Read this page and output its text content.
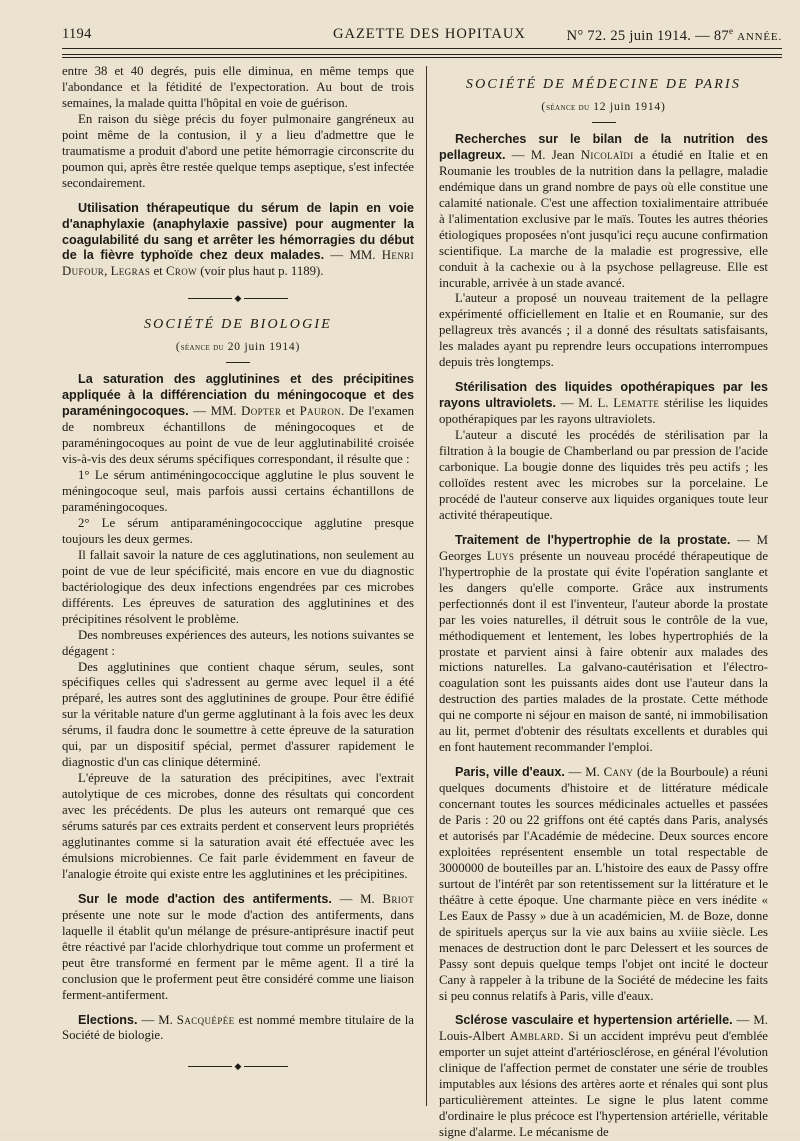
1194	GAZETTE DES HOPITAUX	N° 72. 25 juin 1914. — 87e ANNÉE.

entre 38 et 40 degrés, puis elle diminua, en même temps que l'abondance et la fétidité de l'expectoration. Au bout de trois semaines, la malade quitta l'hôpital en voie de guérison.

En raison du siège précis du foyer pulmonaire gangréneux au point même de la contusion, il y a lieu d'admettre que le traumatisme a produit d'abord une petite hémorragie circonscrite du poumon qui, après être restée quelque temps aseptique, s'est infectée secondairement.

Utilisation thérapeutique du sérum de lapin en voie d'anaphylaxie (anaphylaxie passive) pour augmenter la coagulabilité du sang et arrêter les hémorragies du début de la fièvre typhoïde chez deux malades. — MM. Henri Dufour, Legras et Crow (voir plus haut p. 1189).

◆

SOCIÉTÉ DE BIOLOGIE

(séance du 20 juin 1914)

La saturation des agglutinines et des précipitines appliquée à la différenciation du méningocoque et des paraméningocoques. — MM. Dopter et Pauron. De l'examen de nombreux échantillons de méningocoques et de paraméningocoques au point de vue de leur agglutinabilité croisée vis-à-vis des deux sérums spécifiques correspondant, il résulte que :

1° Le sérum antiméningococcique agglutine le plus souvent le méningocoque seul, mais parfois aussi certains échantillons de paraméningocoques.

2° Le sérum antiparaméningococcique agglutine presque toujours les deux germes.

Il fallait savoir la nature de ces agglutinations, non seulement au point de vue de leur spécificité, mais encore en vue du diagnostic bactériologique des deux infections engendrées par ces microbes différents. Les épreuves de saturation des agglutinines et des précipitines résolvent le problème.

Des nombreuses expériences des auteurs, les notions suivantes se dégagent :

Des agglutinines que contient chaque sérum, seules, sont spécifiques celles qui s'adressent au germe avec lequel il a été préparé, les autres sont des agglutinines de groupe. Pour être édifié sur la véritable nature d'un germe agglutinant à la fois avec les deux sérums, il faudra donc le soumettre à cette épreuve de la saturation qui, par un dispositif spécial, permet d'assurer rapidement le diagnostic d'un cas clinique déterminé.

L'épreuve de la saturation des précipitines, avec l'extrait autolytique de ces microbes, donne des résultats qui concordent avec les précédents. De plus les auteurs ont remarqué que ces sérums saturés par ces extraits perdent et conservent leurs propriétés agglutinantes comme si la saturation avait été effectuée avec les émulsions microbiennes. Ce fait parle évidemment en faveur de l'analogie étroite qui existe entre les agglutinines et les précipitines.

Sur le mode d'action des antiferments. — M. Briot présente une note sur le mode d'action des antiferments, dans laquelle il établit qu'un mélange de présure-antiprésure inactif peut être réactivé par l'acide chlorhydrique tout comme un proferment et peut être transformé en ferment par le même agent. Il a tiré la conclusion que le proferment peut être considéré comme une liaison ferment-antiferment.

Elections. — M. Sacquépée est nommé membre titulaire de la Société de biologie.

◆

SOCIÉTÉ DE MÉDECINE DE PARIS

(séance du 12 juin 1914)

Recherches sur le bilan de la nutrition des pellagreux. — M. Jean Nicolaïdi a étudié en Italie et en Roumanie les troubles de la nutrition dans la pellagre, maladie endémique dans un grand nombre de pays où elle constitue une calamité nationale. C'est une affection toxialimentaire attribuée à l'alimentation exclusive par le maïs. Toutes les autres théories étiologiques proposées n'ont jusqu'ici reçu aucune confirmation scientifique. La marche de la maladie est progressive, elle conduit à la cachexie ou à la psychose pellagreuse. Elle est incurable, arrivée à un stade avancé.

L'auteur a proposé un nouveau traitement de la pellagre expérimenté officiellement en Italie et en Roumanie, sur des pellagreux très avancés ; il a donné des résultats satisfaisants, les malades ayant pu reprendre leurs occupations interrompues depuis très longtemps.

Stérilisation des liquides opothérapiques par les rayons ultraviolets. — M. L. Lematte stérilise les liquides opothérapiques par les rayons ultraviolets.

L'auteur a discuté les procédés de stérilisation par la filtration à la bougie de Chamberland ou par pression de l'acide carbonique. La bougie donne des liquides très peu actifs ; les colloïdes restent avec les microbes sur la porcelaine. Le procédé de l'auteur conserve aux liquides organiques toute leur activité thérapeutique.

Traitement de l'hypertrophie de la prostate. — M Georges Luys présente un nouveau procédé thérapeutique de l'hypertrophie de la prostate qui évite l'opération sanglante et les dangers qu'elle comporte. Grâce aux instruments perfectionnés dont il est l'inventeur, l'auteur aborde la prostate par les voies naturelles, il détruit sous le contrôle de la vue, méthodiquement et lentement, les lobes hypertrophiés de la prostate et parvient ainsi à faire obtenir aux malades des mictions naturelles. La galvano-cautérisation et l'électro-coagulation sont les puissants aides dont use l'auteur dans la destruction des parties malades de la prostate. Cette méthode qui ne comporte ni séjour en maison de santé, ni immobilisation au lit, permet d'obtenir des résultats excellents et durables qui en font hautement recommander l'emploi.

Paris, ville d'eaux. — M. Cany (de la Bourboule) a réuni quelques documents d'histoire et de littérature médicale concernant toutes les sources médicinales actuelles et passées de Paris : 20 ou 22 griffons ont été captés dans Paris, analysés et autorisés par l'Académie de médecine. Deux sources encore exploitées représentent ensemble un total respectable de 3000000 de bouteilles par an. L'histoire des eaux de Passy offre surtout de l'intérêt par son retentissement sur la littérature et le théâtre à cette époque. Une charmante pièce en vers inédite « Les Eaux de Passy » due à un académicien, M. de Boze, donne de spirituels aperçus sur la vie aux bains au xviiie siècle. Les menaces de destruction dont le parc Delessert et les sources de Passy sont depuis quelque temps l'objet ont incité le docteur Cany à rappeler à la tribune de la Société de médecine les faits si peu connus relatifs à Paris, ville d'eaux.

Sclérose vasculaire et hypertension artérielle. — M. Louis-Albert Amblard. Si un accident imprévu peut d'emblée emporter un sujet atteint d'artériosclérose, en général l'évolution clinique de l'affection permet de constater une série de troubles imputables aux lésions des artères aorte et rénales qui sont plus particulièrement atteintes. Le signe le plus latent comme d'ordinaire le plus précoce est l'hypertension artérielle, véritable signe d'alarme. Le mécanisme de
